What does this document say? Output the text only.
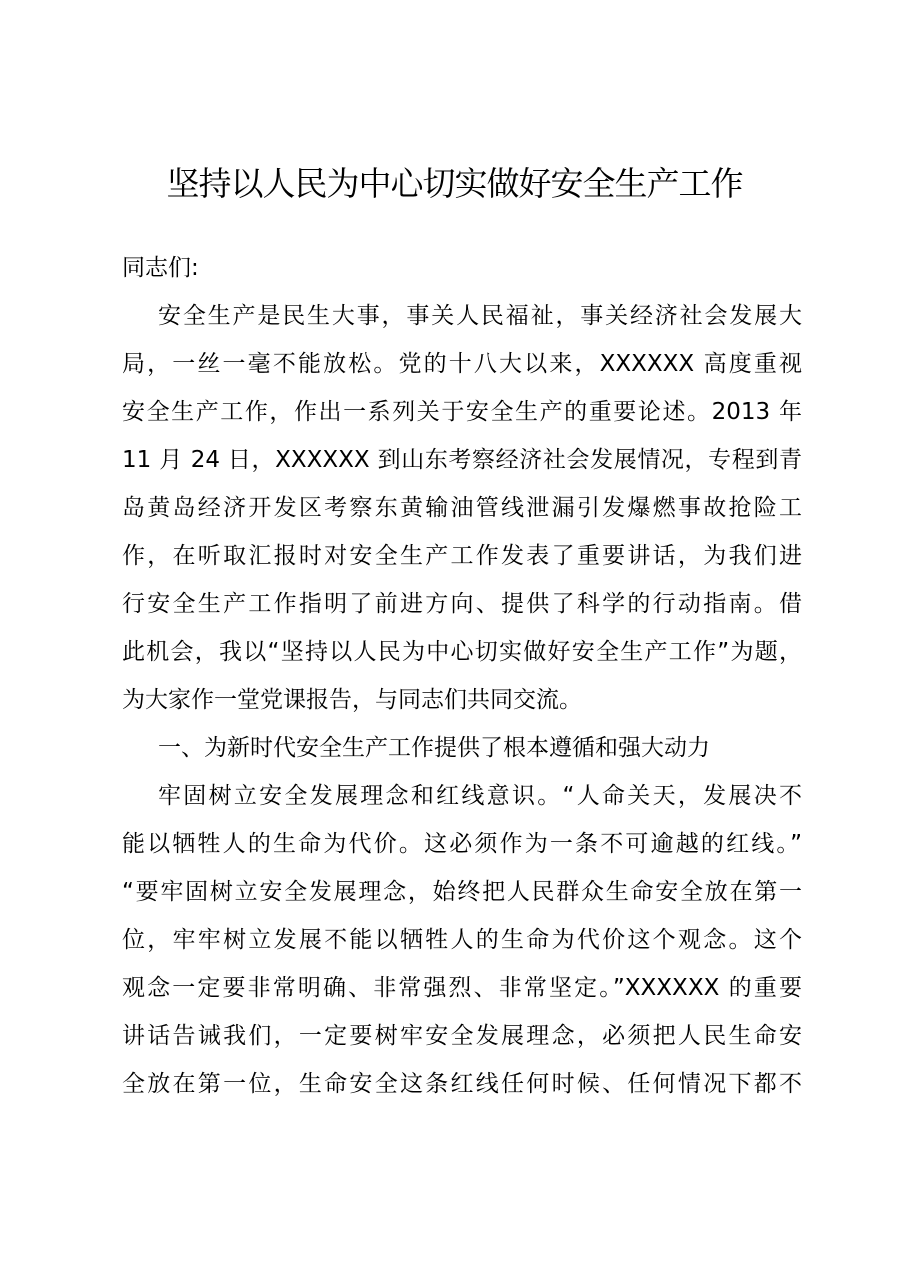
坚持以人民为中心切实做好安全生产工作
同志们:
安全生产是民生大事，事关人民福祉，事关经济社会发展大
局，一丝一毫不能放松。党的十八大以来，XXXXXX 高度重视
安全生产工作，作出一系列关于安全生产的重要论述。2013 年
11 月 24 日，XXXXXX 到山东考察经济社会发展情况，专程到青
岛黄岛经济开发区考察东黄输油管线泄漏引发爆燃事故抢险工
作，在听取汇报时对安全生产工作发表了重要讲话，为我们进
行安全生产工作指明了前进方向、提供了科学的行动指南。借
此机会，我以“坚持以人民为中心切实做好安全生产工作”为题，
为大家作一堂党课报告，与同志们共同交流。
一、为新时代安全生产工作提供了根本遵循和强大动力
牢固树立安全发展理念和红线意识。“人命关天，发展决不
能以牺牲人的生命为代价。这必须作为一条不可逾越的红线。”
“要牢固树立安全发展理念，始终把人民群众生命安全放在第一
位，牢牢树立发展不能以牺牲人的生命为代价这个观念。这个
观念一定要非常明确、非常强烈、非常坚定。”XXXXXX 的重要
讲话告诫我们，一定要树牢安全发展理念，必须把人民生命安
全放在第一位，生命安全这条红线任何时候、任何情况下都不
